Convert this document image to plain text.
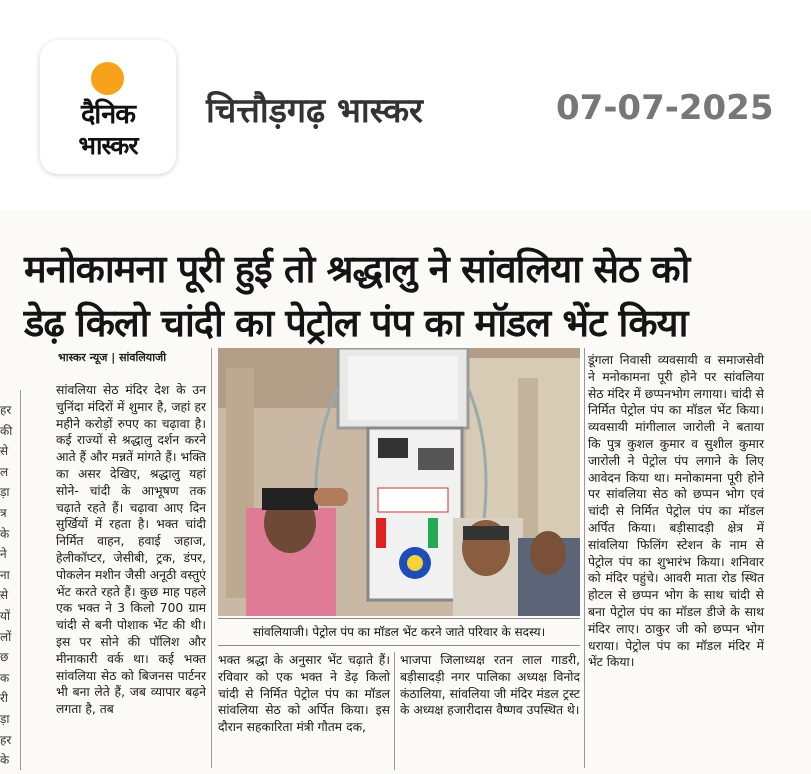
दैनिक
भास्कर
चित्तौड़गढ़ भास्कर	07-07-2025
मनोकामना पूरी हुई तो श्रद्धालु ने सांवलिया सेठ को
डेढ़ किलो चांदी का पेट्रोल पंप का मॉडल भेंट किया
हर
की
से
ल
ड़ा
त्र
के
ने
ना
से
यों
लों
छ
क
री
ड़ा
हर
के
भास्कर न्यूज | सांवलियाजी
सांवलिया सेठ मंदिर देश के उन चुनिंदा मंदिरों में शुमार है, जहां हर महीने करोड़ों रुपए का चढ़ावा है। कई राज्यों से श्रद्धालु दर्शन करने आते हैं और मन्नतें मांगते हैं। भक्ति का असर देखिए, श्रद्धालु यहां सोने- चांदी के आभूषण तक चढ़ाते रहते हैं। चढ़ावा आए दिन सुर्खियों में रहता है। भक्त चांदी निर्मित वाहन, हवाई जहाज, हेलीकॉप्टर, जेसीबी, ट्रक, डंपर, पोकलेन मशीन जैसी अनूठी वस्तुएं भेंट करते रहते हैं। कुछ माह पहले एक भक्त ने 3 किलो 700 ग्राम चांदी से बनी पोशाक भेंट की थी। इस पर सोने की पॉलिश और मीनाकारी वर्क था। कई भक्त सांवलिया सेठ को बिजनस पार्टनर भी बना लेते हैं, जब व्यापार बढ़ने लगता है, तब
सांवलियाजी। पेट्रोल पंप का मॉडल भेंट करने जाते परिवार के सदस्य।
भक्त श्रद्धा के अनुसार भेंट चढ़ाते हैं। रविवार को एक भक्त ने डेढ़ किलो चांदी से निर्मित पेट्रोल पंप का मॉडल सांवलिया सेठ को अर्पित किया। इस दौरान सहकारिता मंत्री गौतम दक,
भाजपा जिलाध्यक्ष रतन लाल गाडरी, बड़ीसादड़ी नगर पालिका अध्यक्ष विनोद कंठालिया, सांवलिया जी मंदिर मंडल ट्रस्ट के अध्यक्ष हजारीदास वैष्णव उपस्थित थे।
डूंगला निवासी व्यवसायी व समाजसेवी ने मनोकामना पूरी होने पर सांवलिया सेठ मंदिर में छप्पनभोग लगाया। चांदी से निर्मित पेट्रोल पंप का मॉडल भेंट किया। व्यवसायी मांगीलाल जारोली ने बताया कि पुत्र कुशल कुमार व सुशील कुमार जारोली ने पेट्रोल पंप लगाने के लिए आवेदन किया था। मनोकामना पूरी होने पर सांवलिया सेठ को छप्पन भोग एवं चांदी से निर्मित पेट्रोल पंप का मॉडल अर्पित किया। बड़ीसादड़ी क्षेत्र में सांवलिया फिलिंग स्टेशन के नाम से पेट्रोल पंप का शुभारंभ किया। शनिवार को मंदिर पहुंचे। आवरी माता रोड स्थित होटल से छप्पन भोग के साथ चांदी से बना पेट्रोल पंप का मॉडल डीजे के साथ मंदिर लाए। ठाकुर जी को छप्पन भोग धराया। पेट्रोल पंप का मॉडल मंदिर में भेंट किया।
